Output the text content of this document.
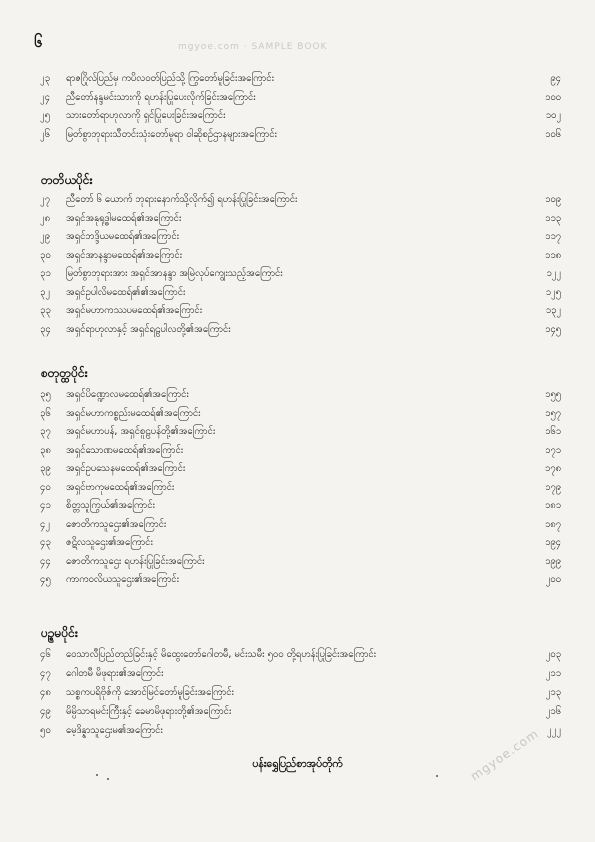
၆	mgyoe.com · SAMPLE BOOK
၂၃	ရာဇဂြိုလ်ပြည်မှ ကပိလဝတ်ပြည်သို့ ကြွတော်မူခြင်းအကြောင်း	၉၄
၂၄	ညီတော်နန္ဒမင်းသားကို ရဟန်းပြုပေးလိုက်ခြင်းအကြောင်း	၁၀၀
၂၅	သားတော်ရာဟုလာကို ရှင်ပြုပေးခြင်းအကြောင်း	၁၀၂
၂၆	မြတ်စွာဘုရားသီတင်းသုံးတော်မူရာ ဝါဆိုစဉ်ဌာနများအကြောင်း	၁၀၆
တတိယပိုင်း
၂၇	ညီတော် ၆ ယောက် ဘုရားနောက်သို့လိုက်၍ ရဟန်းပြုခြင်းအကြောင်း	၁၀၉
၂၈	အရှင်အနုရုဒ္ဓါမထေရ်၏အကြောင်း	၁၁၃
၂၉	အရှင်ဘဒ္ဒိယမထေရ်၏အကြောင်း	၁၁၇
၃၀	အရှင်အာနန္ဒာမထေရ်၏အကြောင်း	၁၁၈
၃၁	မြတ်စွာဘုရားအား အရှင်အာနန္ဒာ အမြဲလုပ်ကျွေးသည့်အကြောင်း	၁၂၂
၃၂	အရှင်ဥပါလိမထေရ်၏၏အကြောင်း	၁၂၅
၃၃	အရှင်မဟာကဿပမထေရ်၏အကြောင်း	၁၃၂
၃၄	အရှင်ရာဟုလာနှင့် အရှင်ရဠပါလတို့၏အကြောင်း	၁၄၅
စတုတ္ထပိုင်း
၃၅	အရှင်ပိဏ္ဍောလမထေရ်၏အကြောင်း	၁၅၅
၃၆	အရှင်မဟာကစ္စည်းမထေရ်၏အကြောင်း	၁၅၇
၃၇	အရှင်မဟာပန်, အရှင်စူဠပန်တို့၏အကြောင်း	၁၆၁
၃၈	အရှင်သောဏမထေရ်၏အကြောင်း	၁၇၁
၃၉	အရှင်ဥပသေနမထေရ်၏အကြောင်း	၁၇၈
၄၀	အရှင်ဗာကုမထေရ်၏အကြောင်း	၁၇၉
၄၁	စိတ္တသူကြွယ်၏အကြောင်း	၁၈၁
၄၂	ဇောတိကသူဌေး၏အကြောင်း	၁၈၇
၄၃	ဇဋိလသူဌေး၏အကြောင်း	၁၉၄
၄၄	ဇောတိကသူဌေး ရဟန်းပြုခြင်းအကြောင်း	၁၉၉
၄၅	ကာကဝလိယသူဌေး၏အကြောင်း	၂၀၀
ပဉ္စမပိုင်း
၄၆	ဝေသာလီပြည်တည်ခြင်းနှင့် မိထွေးတော်ဂေါတမီ, မင်းသမီး ၅၀၀ တို့ရဟန်းပြုခြင်းအကြောင်း	၂၀၃
၄၇	ဂေါတမီ မိဖုရား၏အကြောင်း	၂၁၁
၄၈	သစ္စကပရိဗိုဇ်ကို အောင်မြင်တော်မူခြင်းအကြောင်း	၂၁၃
၄၉	မိမ္ပိသာရမင်းကြီးနှင့် ခေမာမိဖုရားတို့၏အကြောင်း	၂၁၆
၅၀	မေ့ဒိန္နာသူဌေးမ၏အကြောင်း	၂၂၂
ပန်းရွှေပြည်စာအုပ်တိုက်	mgyoe.com
